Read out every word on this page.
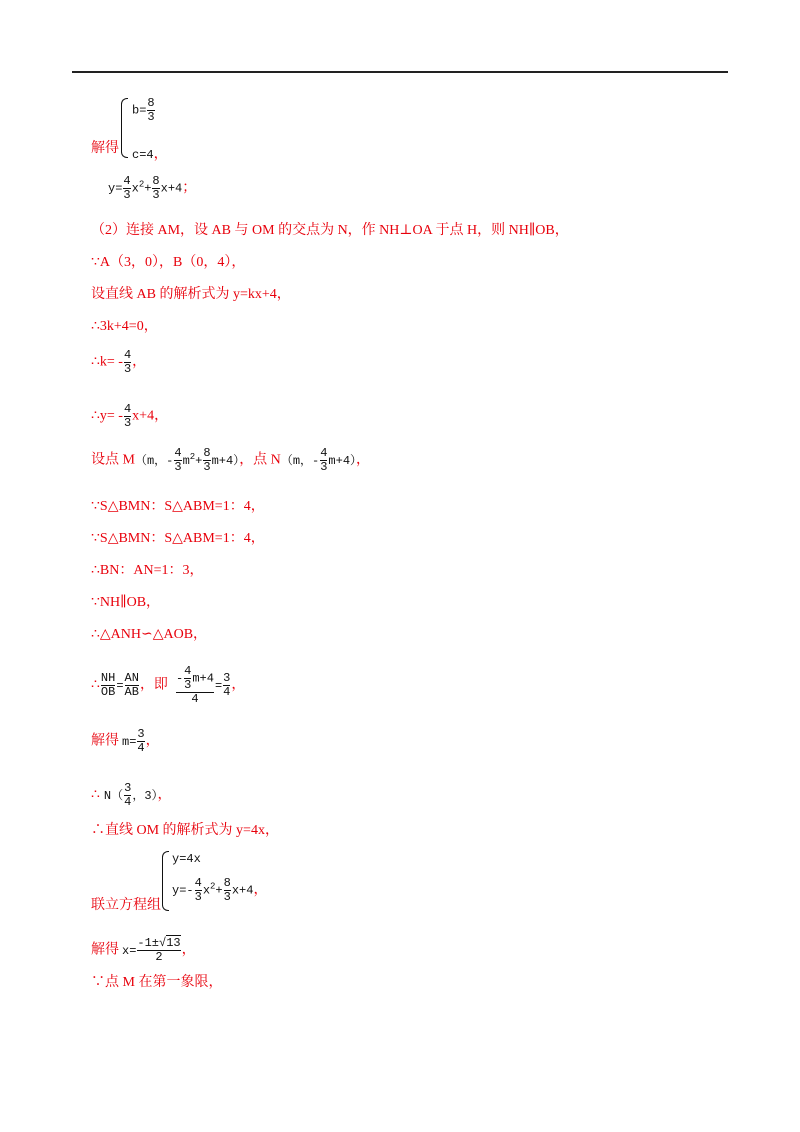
$b= \frac{8}{3}$
解得 c=4，
$y= \frac{4}{3} x^2+ \frac{8}{3} x+4$；
（2）连接 AM，设 AB 与 OM 的交点为 N，作 NH⊥OA 于点 H，则 NH∥OB，
∵A（3，0），B（0，4），
设直线 AB 的解析式为 y=kx+4，
∴3k+4=0，
∴k= - $\frac{4}{3}$ ，
∴y= - $\frac{4}{3} x+4$，
设点 M（m，- $\frac{4}{3} m^2+ \frac{8}{3} m+4$），点 N（m，- $\frac{4}{3} m+4$），
∵S△BMN：S△ABM=1：4，
∵S△BMN：S△ABM=1：4，
∴BN：AN=1：3，
∵NH∥OB，
∴△ANH∽△AOB，
∴ $\frac{NH}{OB} = \frac{AN}{AB}$ ，即 $\frac{- \frac{4}{3} m+4}{4} = \frac{3}{4}$ ，
解得 $m= \frac{3}{4}$ ，
∴ $N( \frac{3}{4}$ ，3），
∴直线 OM 的解析式为 y=4x，
y=4x
联立方程组
$y=- \frac{4}{3} x^2+ \frac{8}{3} x+4$，
解得 $x= \frac{-1\pm√13}{2}$ ，
∵点 M 在第一象限，
